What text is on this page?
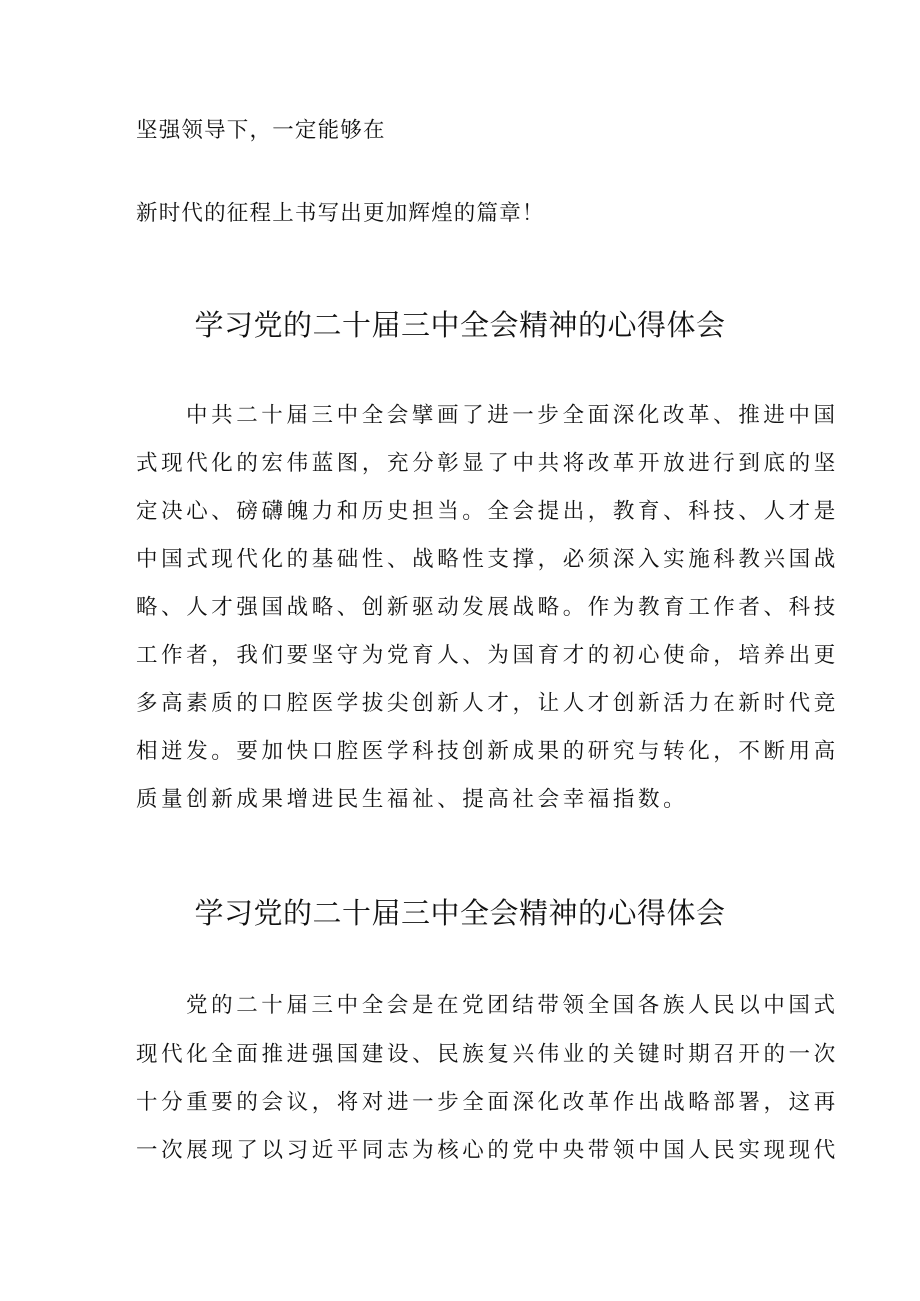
坚强领导下，一定能够在
新时代的征程上书写出更加辉煌的篇章！
学习党的二十届三中全会精神的心得体会
中共二十届三中全会擘画了进一步全面深化改革、推进中国
式现代化的宏伟蓝图，充分彰显了中共将改革开放进行到底的坚
定决心、磅礴魄力和历史担当。全会提出，教育、科技、人才是
中国式现代化的基础性、战略性支撑，必须深入实施科教兴国战
略、人才强国战略、创新驱动发展战略。作为教育工作者、科技
工作者，我们要坚守为党育人、为国育才的初心使命，培养出更
多高素质的口腔医学拔尖创新人才，让人才创新活力在新时代竞
相迸发。要加快口腔医学科技创新成果的研究与转化，不断用高
质量创新成果增进民生福祉、提高社会幸福指数。
学习党的二十届三中全会精神的心得体会
党的二十届三中全会是在党团结带领全国各族人民以中国式
现代化全面推进强国建设、民族复兴伟业的关键时期召开的一次
十分重要的会议，将对进一步全面深化改革作出战略部署，这再
一次展现了以习近平同志为核心的党中央带领中国人民实现现代
